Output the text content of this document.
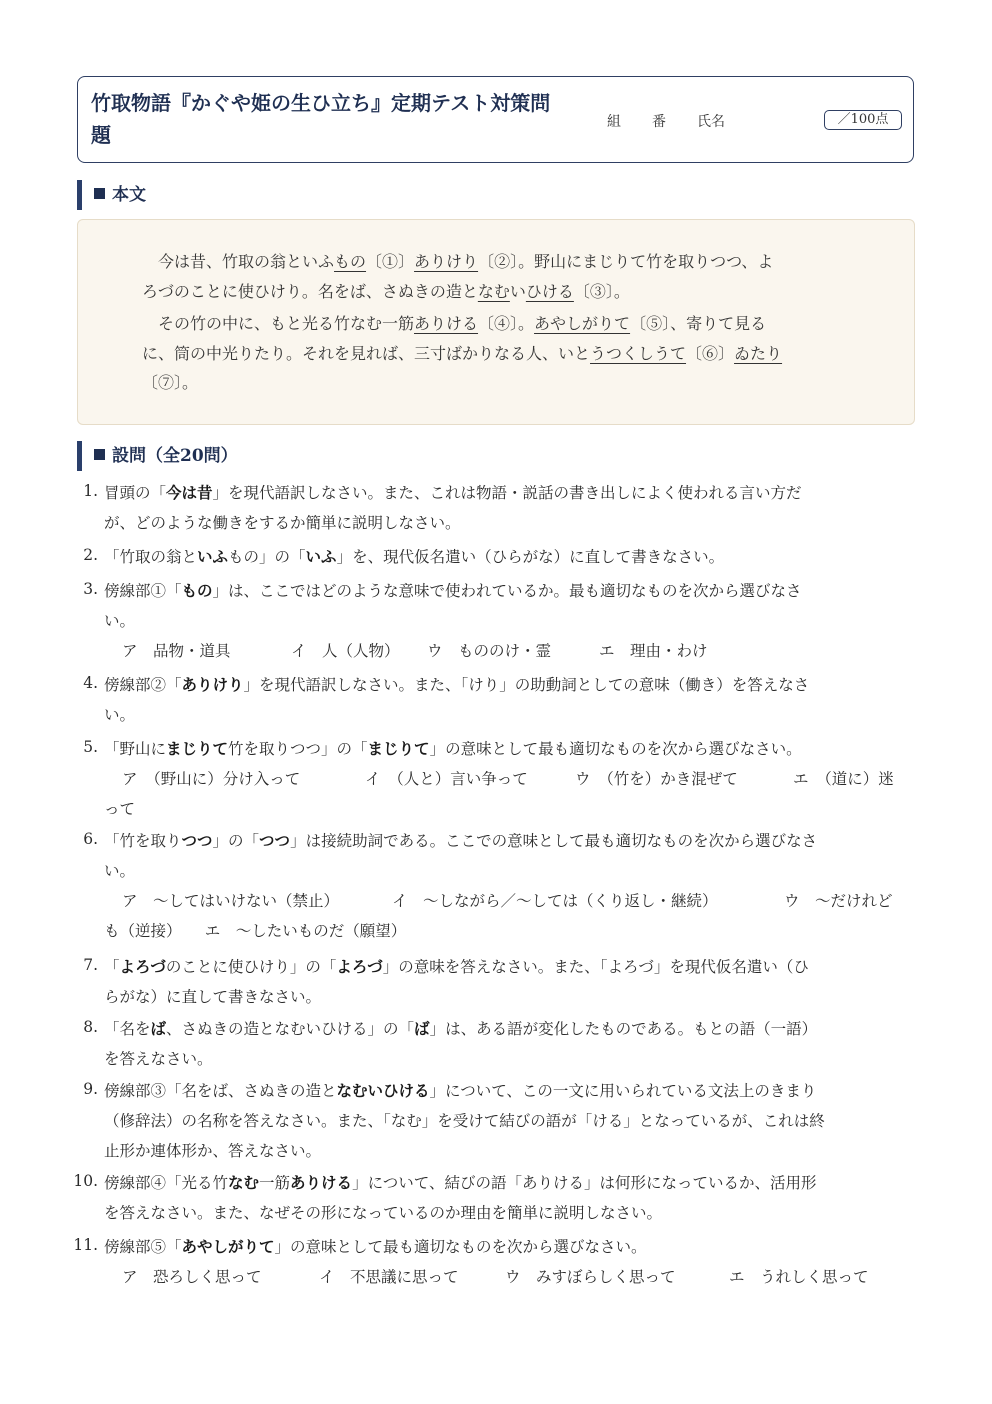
竹取物語『かぐや姫の生ひ立ち』定期テスト対策問
題
組 番 氏名	／100点
本文
　今は昔、竹取の翁といふもの〔①〕ありけり〔②〕。野山にまじりて竹を取りつつ、よ
ろづのことに使ひけり。名をば、さぬきの造となむいひける〔③〕。
　その竹の中に、もと光る竹なむ一筋ありける〔④〕。あやしがりて〔⑤〕、寄りて見る
に、筒の中光りたり。それを見れば、三寸ばかりなる人、いとうつくしうて〔⑥〕ゐたり
〔⑦〕。
設問（全20問）
1. 冒頭の「今は昔」を現代語訳しなさい。また、これは物語・説話の書き出しによく使われる言い方だ
が、どのような働きをするか簡単に説明しなさい。
2. 「竹取の翁といふもの」の「いふ」を、現代仮名遣い（ひらがな）に直して書きなさい。
3. 傍線部①「もの」は、ここではどのような意味で使われているか。最も適切なものを次から選びなさ
い。
ア　品物・道具	イ　人（人物） ウ　もののけ・霊	エ　理由・わけ
4. 傍線部②「ありけり」を現代語訳しなさい。また、「けり」の助動詞としての意味（働き）を答えなさ
い。
5. 「野山にまじりて竹を取りつつ」の「まじりて」の意味として最も適切なものを次から選びなさい。
ア　（野山に）分け入って	イ　（人と）言い争って	ウ　（竹を）かき混ぜて	エ　（道に）迷
って
6. 「竹を取りつつ」の「つつ」は接続助詞である。ここでの意味として最も適切なものを次から選びなさ
い。
ア　～してはいけない（禁止）	イ　～しながら／～しては（くり返し・継続）	ウ　～だけれど
も（逆接）　　エ　～したいものだ（願望）
7. 「よろづのことに使ひけり」の「よろづ」の意味を答えなさい。また、「よろづ」を現代仮名遣い（ひ
らがな）に直して書きなさい。
8. 「名をば、さぬきの造となむいひける」の「ば」は、ある語が変化したものである。もとの語（一語）
を答えなさい。
9. 傍線部③「名をば、さぬきの造となむいひける」について、この一文に用いられている文法上のきまり
（修辞法）の名称を答えなさい。また、「なむ」を受けて結びの語が「ける」となっているが、これは終
止形か連体形か、答えなさい。
10. 傍線部④「光る竹なむ一筋ありける」について、結びの語「ありける」は何形になっているか、活用形
を答えなさい。また、なぜその形になっているのか理由を簡単に説明しなさい。
11. 傍線部⑤「あやしがりて」の意味として最も適切なものを次から選びなさい。
ア　恐ろしく思って	イ　不思議に思って	ウ　みすぼらしく思って	エ　うれしく思って
